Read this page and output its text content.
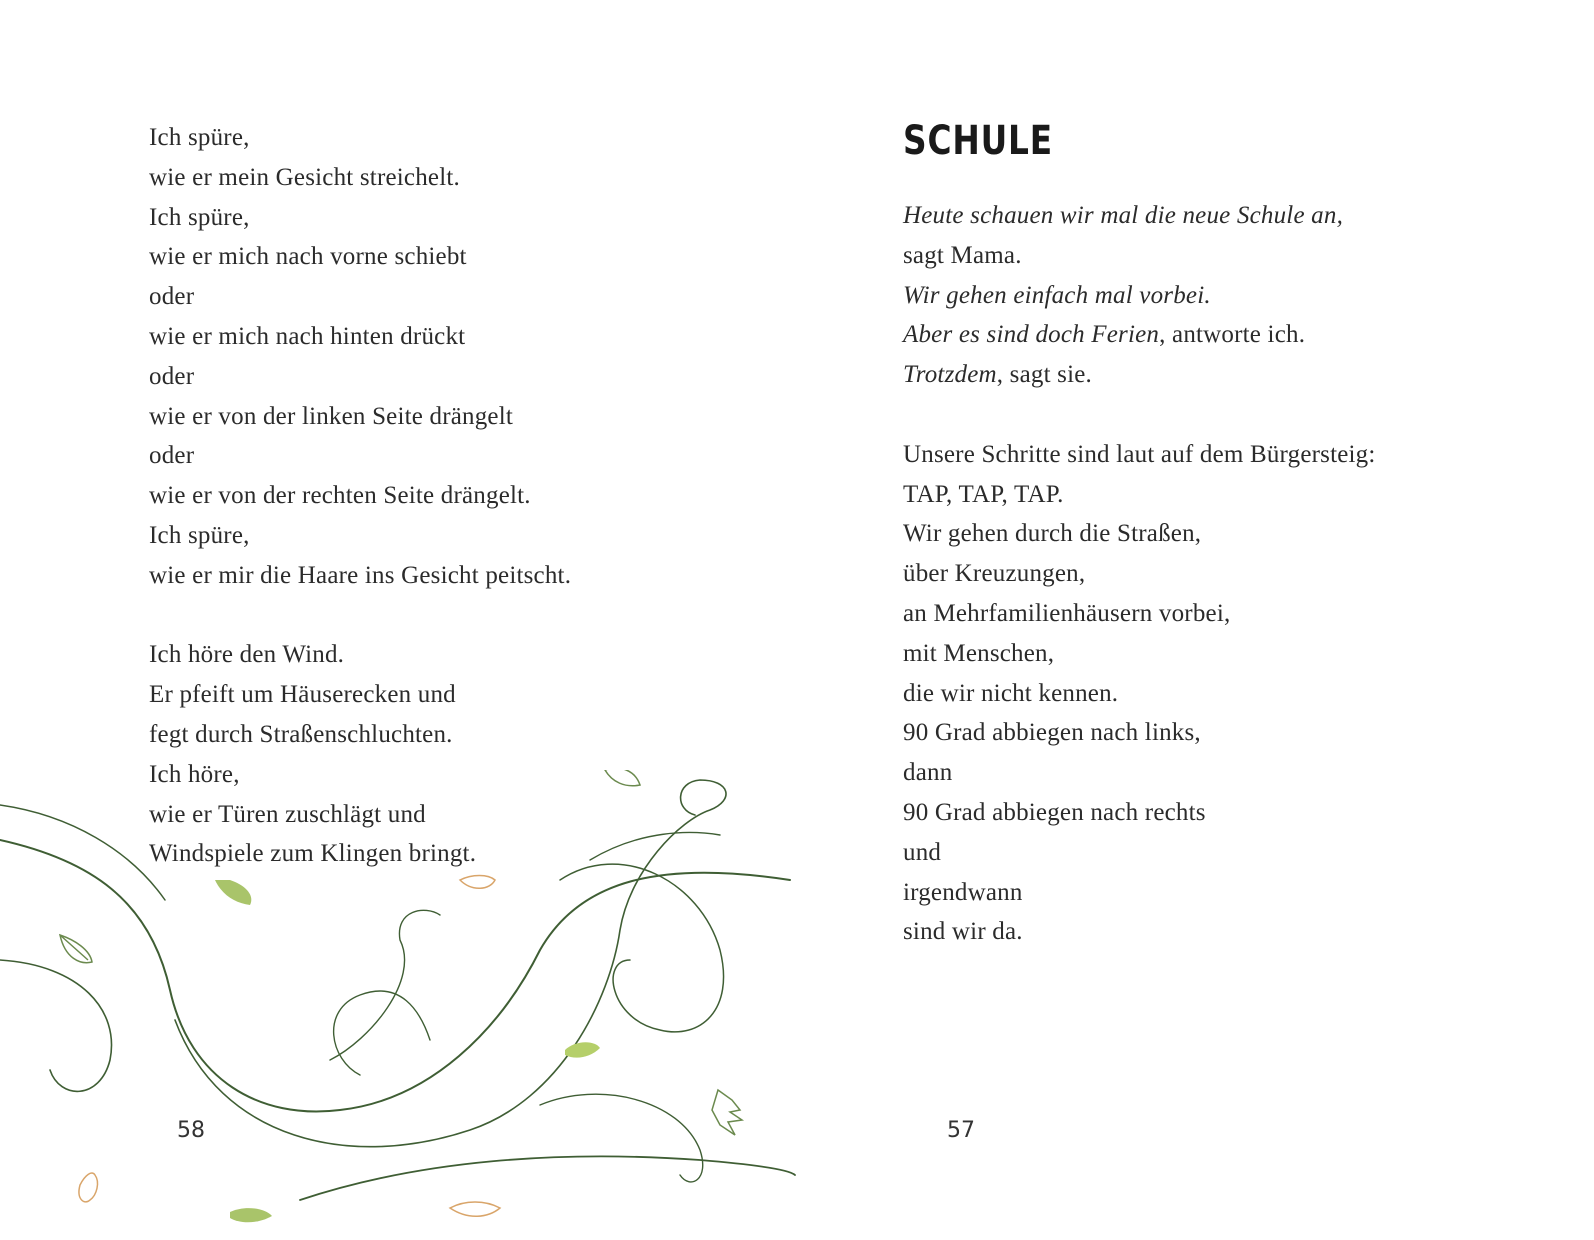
Ich spüre,
wie er mein Gesicht streichelt.
Ich spüre,
wie er mich nach vorne schiebt
oder
wie er mich nach hinten drückt
oder
wie er von der linken Seite drängelt
oder
wie er von der rechten Seite drängelt.
Ich spüre,
wie er mir die Haare ins Gesicht peitscht.
Ich höre den Wind.
Er pfeift um Häuserecken und
fegt durch Straßenschluchten.
Ich höre,
wie er Türen zuschlägt und
Windspiele zum Klingen bringt.
58
SCHULE
Heute schauen wir mal die neue Schule an,
sagt Mama.
Wir gehen einfach mal vorbei.
Aber es sind doch Ferien, antworte ich.
Trotzdem, sagt sie.
Unsere Schritte sind laut auf dem Bürgersteig:
TAP, TAP, TAP.
Wir gehen durch die Straßen,
über Kreuzungen,
an Mehrfamilienhäusern vorbei,
mit Menschen,
die wir nicht kennen.
90 Grad abbiegen nach links,
dann
90 Grad abbiegen nach rechts
und
irgendwann
sind wir da.
57
